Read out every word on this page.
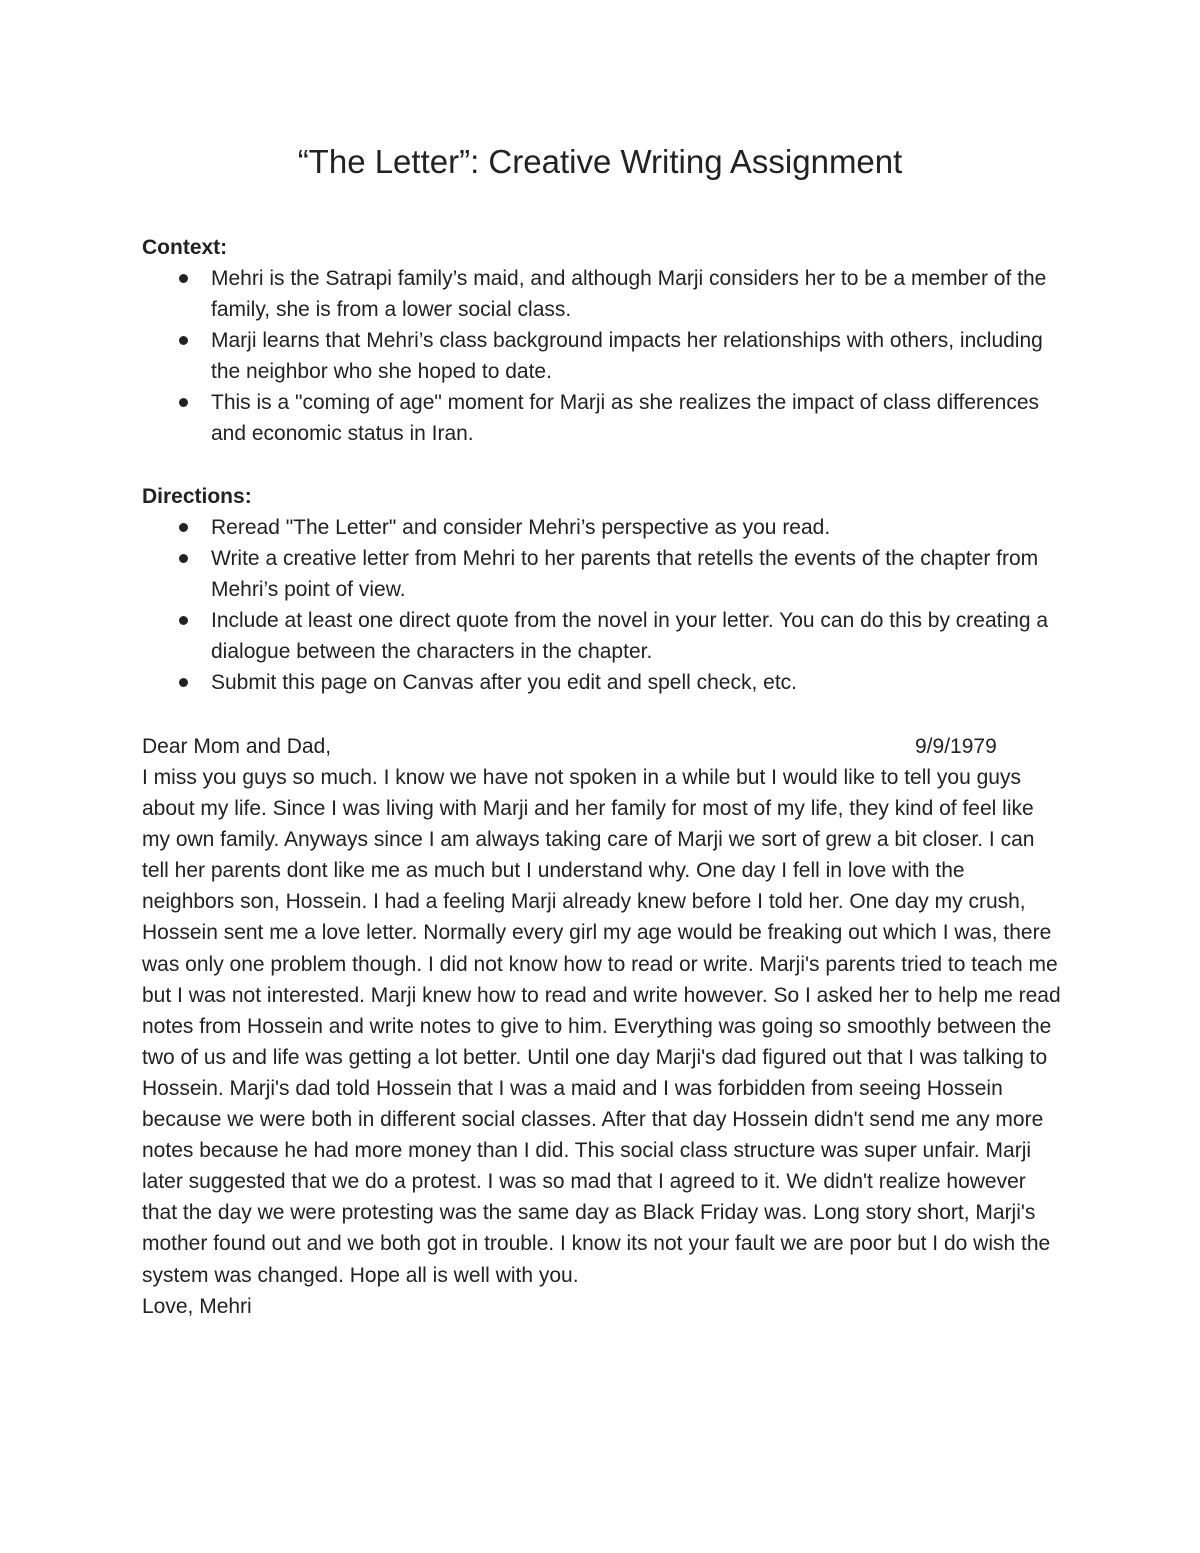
“The Letter”: Creative Writing Assignment

Context:

Mehri is the Satrapi family’s maid, and although Marji considers her to be a member of the family, she is from a lower social class.
Marji learns that Mehri’s class background impacts her relationships with others, including the neighbor who she hoped to date.
This is a "coming of age" moment for Marji as she realizes the impact of class differences and economic status in Iran.

Directions:

Reread "The Letter" and consider Mehri’s perspective as you read.
Write a creative letter from Mehri to her parents that retells the events of the chapter from Mehri’s point of view.
Include at least one direct quote from the novel in your letter. You can do this by creating a dialogue between the characters in the chapter.
Submit this page on Canvas after you edit and spell check, etc.
Dear Mom and Dad,	9/9/1979

I miss you guys so much. I know we have not spoken in a while but I would like to tell you guys about my life. Since I was living with Marji and her family for most of my life, they kind of feel like my own family. Anyways since I am always taking care of Marji we sort of grew a bit closer. I can tell her parents dont like me as much but I understand why. One day I fell in love with the neighbors son, Hossein. I had a feeling Marji already knew before I told her. One day my crush, Hossein sent me a love letter. Normally every girl my age would be freaking out which I was, there was only one problem though. I did not know how to read or write. Marji's parents tried to teach me but I was not interested. Marji knew how to read and write however. So I asked her to help me read notes from Hossein and write notes to give to him. Everything was going so smoothly between the two of us and life was getting a lot better. Until one day Marji's dad figured out that I was talking to Hossein. Marji's dad told Hossein that I was a maid and I was forbidden from seeing Hossein because we were both in different social classes. After that day Hossein didn't send me any more notes because he had more money than I did. This social class structure was super unfair. Marji later suggested that we do a protest. I was so mad that I agreed to it. We didn't realize however that the day we were protesting was the same day as Black Friday was. Long story short, Marji's mother found out and we both got in trouble. I know its not your fault we are poor but I do wish the system was changed. Hope all is well with you.

Love, Mehri
